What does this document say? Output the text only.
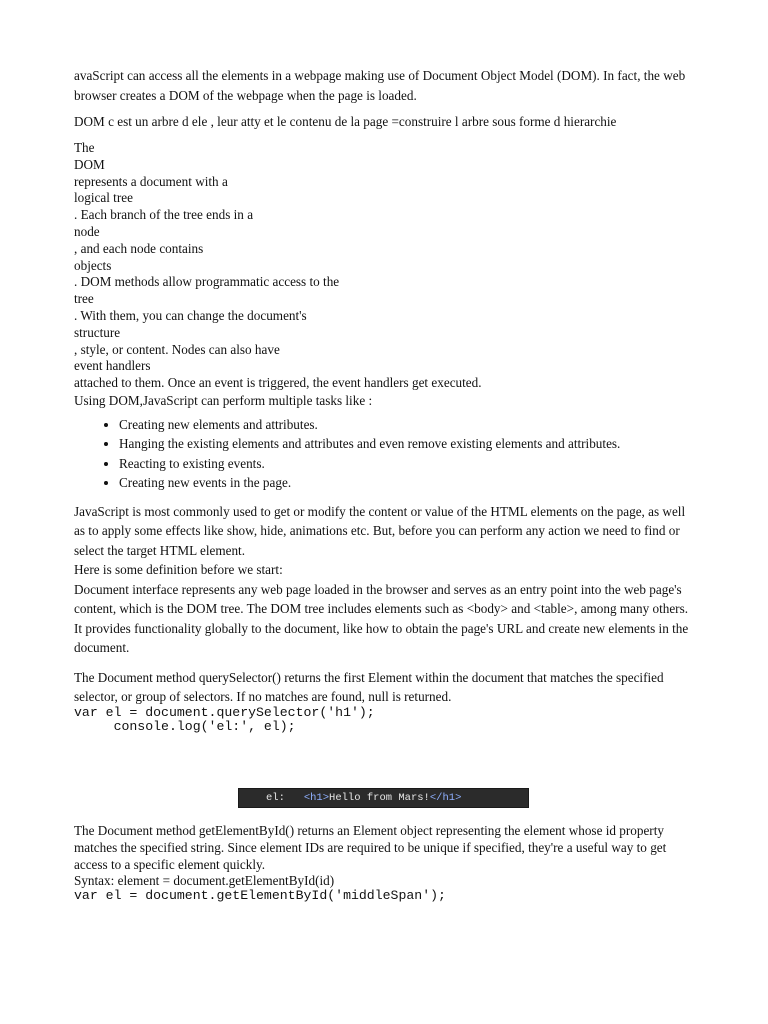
avaScript can access all the elements in a webpage making use of Document Object Model (DOM). In fact, the web browser creates a DOM of the webpage when the page is loaded.

DOM c est un arbre d ele , leur atty et le contenu de la page =construire l arbre sous forme d hierarchie

The
DOM
represents a document with a
logical tree
. Each branch of the tree ends in a
node
, and each node contains
objects
. DOM methods allow programmatic access to the
tree
. With them, you can change the document's
structure
, style, or content. Nodes can also have
event handlers
attached to them. Once an event is triggered, the event handlers get executed.

Using DOM,JavaScript can perform multiple tasks like :

• Creating new elements and attributes.
• Hanging the existing elements and attributes and even remove existing elements and attributes.
• Reacting to existing events.
• Creating new events in the page.

JavaScript is most commonly used to get or modify the content or value of the HTML elements on the page, as well as to apply some effects like show, hide, animations etc. But, before you can perform any action we need to find or select the target HTML element.

Here is some definition before we start:

Document interface represents any web page loaded in the browser and serves as an entry point into the web page's content, which is the DOM tree. The DOM tree includes elements such as <body> and <table>, among many others. It provides functionality globally to the document, like how to obtain the page's URL and create new elements in the document.

The Document method querySelector() returns the first Element within the document that matches the specified selector, or group of selectors. If no matches are found, null is returned.

var el = document.querySelector('h1');
console.log('el:', el);
el: <h1>Hello from Mars!</h1>

The Document method getElementById() returns an Element object representing the element whose id property matches the specified string. Since element IDs are required to be unique if specified, they're a useful way to get access to a specific element quickly.

Syntax: element = document.getElementById(id)

var el = document.getElementById('middleSpan');
